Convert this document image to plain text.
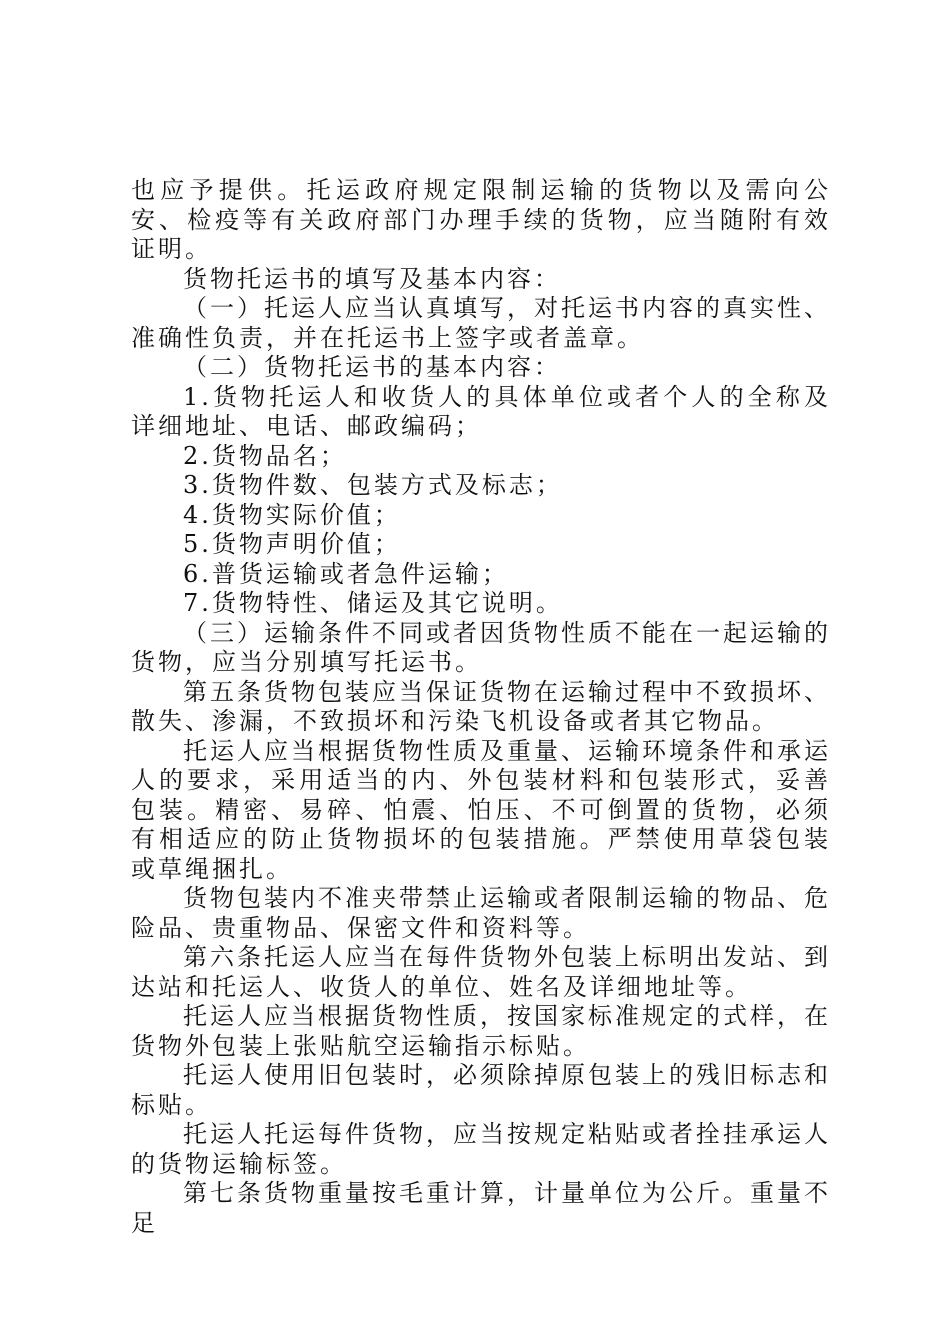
也应予提供。托运政府规定限制运输的货物以及需向公安、检疫等有关政府部门办理手续的货物，应当随附有效证明。

货物托运书的填写及基本内容：

（一）托运人应当认真填写，对托运书内容的真实性、准确性负责，并在托运书上签字或者盖章。

（二）货物托运书的基本内容：

1.货物托运人和收货人的具体单位或者个人的全称及详细地址、电话、邮政编码；

2.货物品名；

3.货物件数、包装方式及标志；

4.货物实际价值；

5.货物声明价值；

6.普货运输或者急件运输；

7.货物特性、储运及其它说明。

（三）运输条件不同或者因货物性质不能在一起运输的货物，应当分别填写托运书。

第五条货物包装应当保证货物在运输过程中不致损坏、散失、渗漏，不致损坏和污染飞机设备或者其它物品。

托运人应当根据货物性质及重量、运输环境条件和承运人的要求，采用适当的内、外包装材料和包装形式，妥善包装。精密、易碎、怕震、怕压、不可倒置的货物，必须有相适应的防止货物损坏的包装措施。严禁使用草袋包装或草绳捆扎。

货物包装内不准夹带禁止运输或者限制运输的物品、危险品、贵重物品、保密文件和资料等。

第六条托运人应当在每件货物外包装上标明出发站、到达站和托运人、收货人的单位、姓名及详细地址等。

托运人应当根据货物性质，按国家标准规定的式样，在货物外包装上张贴航空运输指示标贴。

托运人使用旧包装时，必须除掉原包装上的残旧标志和标贴。

托运人托运每件货物，应当按规定粘贴或者拴挂承运人的货物运输标签。

第七条货物重量按毛重计算，计量单位为公斤。重量不足
